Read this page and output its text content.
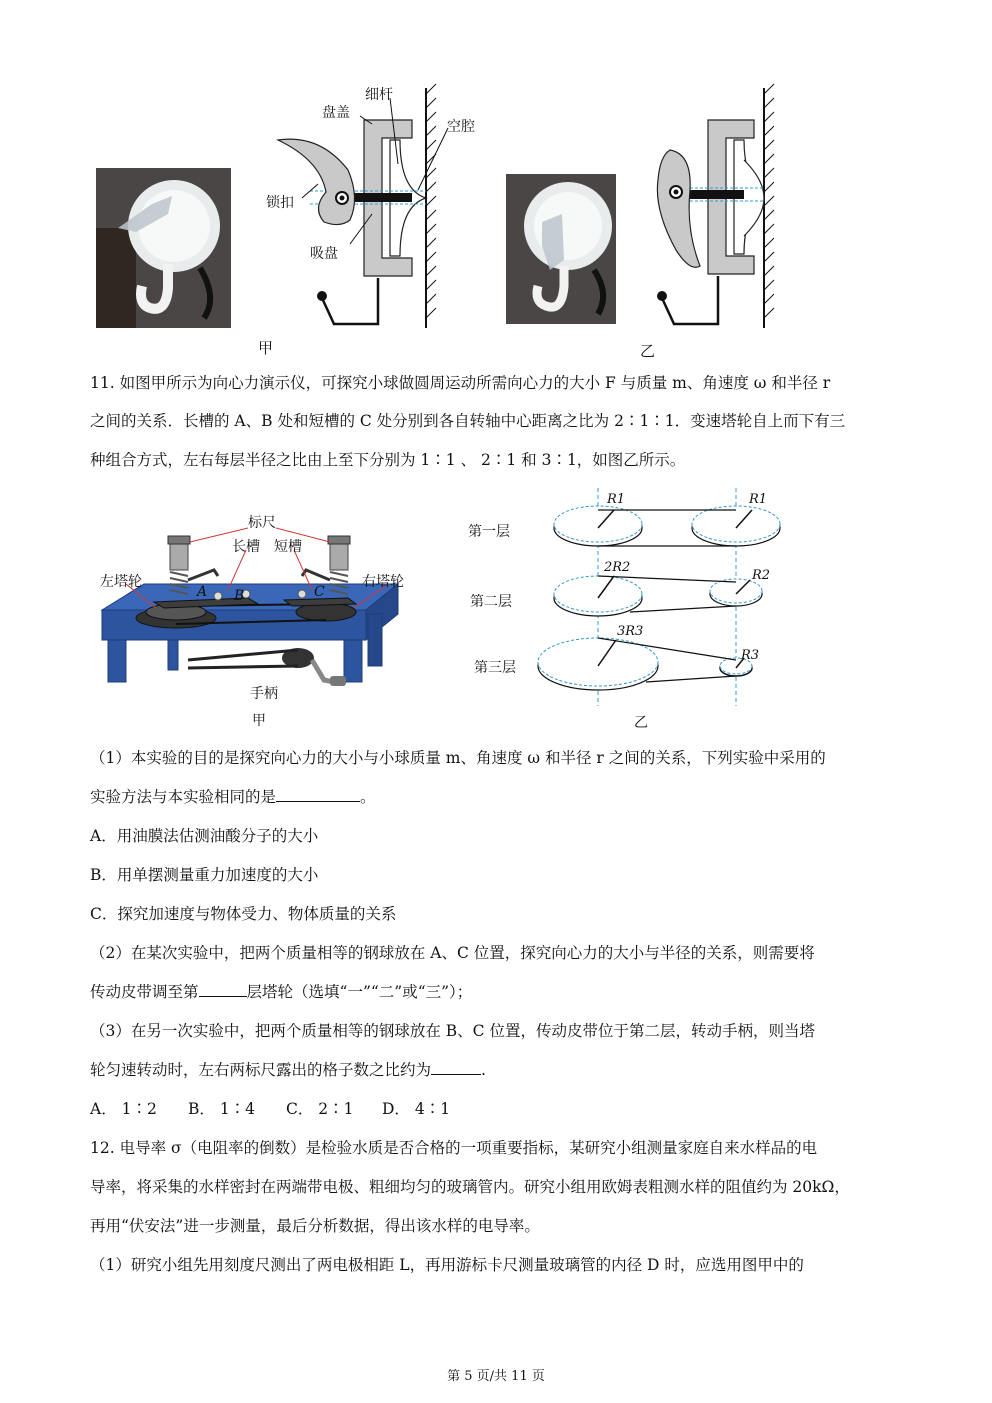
细杆
盘盖
空腔
锁扣
吸盘
甲	乙
11. 如图甲所示为向心力演示仪，可探究小球做圆周运动所需向心力的大小 F 与质量 m、角速度 ω 和半径 r
之间的关系．长槽的 A、B 处和短槽的 C 处分别到各自转轴中心距离之比为 2∶1∶1．变速塔轮自上而下有三
种组合方式，左右每层半径之比由上至下分别为 1∶1 、 2∶1 和 3∶1，如图乙所示。
标尺
长槽 短槽
左塔轮	右塔轮
A B	C
手柄
甲
第一层
第二层
第三层
R1	R1
2R2
R2
3R3
R3
乙
（1）本实验的目的是探究向心力的大小与小球质量 m、角速度 ω 和半径 r 之间的关系，下列实验中采用的
实验方法与本实验相同的是	。
A．用油膜法估测油酸分子的大小
B．用单摆测量重力加速度的大小
C．探究加速度与物体受力、物体质量的关系
（2）在某次实验中，把两个质量相等的钢球放在 A、C 位置，探究向心力的大小与半径的关系，则需要将
传动皮带调至第	层塔轮（选填“一”“二”或“三”）；
（3）在另一次实验中，把两个质量相等的钢球放在 B、C 位置，传动皮带位于第二层，转动手柄，则当塔
轮匀速转动时，左右两标尺露出的格子数之比约为	.
A． 1∶2 B． 1∶4 C． 2∶1 D． 4∶1
12. 电导率 σ（电阻率的倒数）是检验水质是否合格的一项重要指标，某研究小组测量家庭自来水样品的电
导率，将采集的水样密封在两端带电极、粗细均匀的玻璃管内。研究小组用欧姆表粗测水样的阻值约为 20kΩ，
再用“伏安法”进一步测量，最后分析数据，得出该水样的电导率。
（1）研究小组先用刻度尺测出了两电极相距 L，再用游标卡尺测量玻璃管的内径 D 时，应选用图甲中的
第 5 页/共 11 页
